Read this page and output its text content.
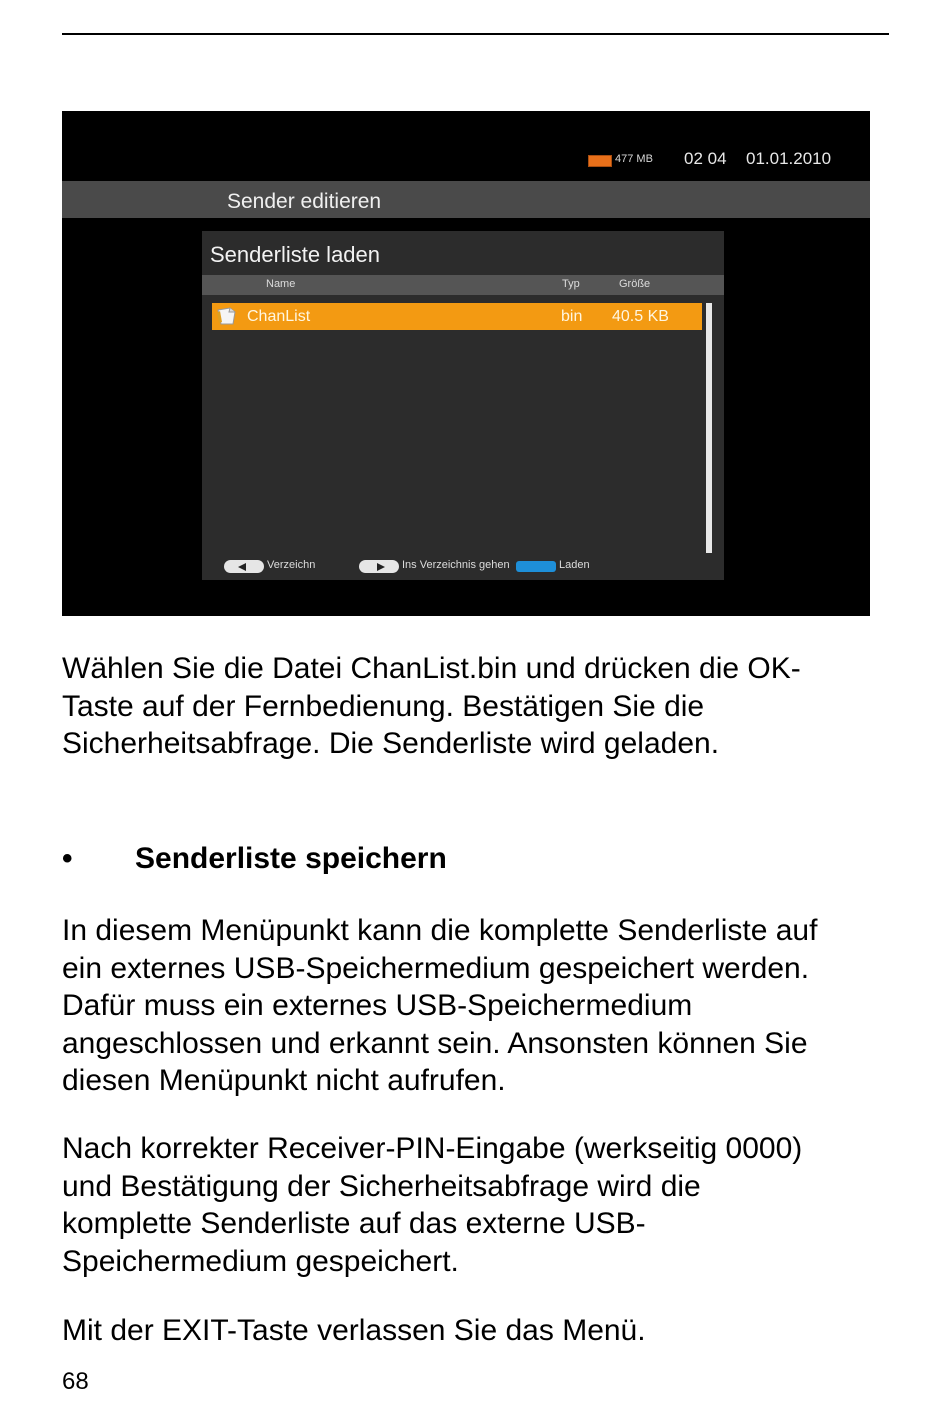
477 MB 02 04 01.01.2010
Sender editieren
Senderliste laden
Name	Typ	Größe
ChanList	bin 40.5 KB
Verzeichn	Ins Verzeichnis gehen	Laden
Wählen Sie die Datei ChanList.bin und drücken die OK-
Taste auf der Fernbedienung. Bestätigen Sie die
Sicherheitsabfrage. Die Senderliste wird geladen.
• Senderliste speichern
In diesem Menüpunkt kann die komplette Senderliste auf
ein externes USB-Speichermedium gespeichert werden.
Dafür muss ein externes USB-Speichermedium
angeschlossen und erkannt sein. Ansonsten können Sie
diesen Menüpunkt nicht aufrufen.
Nach korrekter Receiver-PIN-Eingabe (werkseitig 0000)
und Bestätigung der Sicherheitsabfrage wird die
komplette Senderliste auf das externe USB-
Speichermedium gespeichert.
Mit der EXIT-Taste verlassen Sie das Menü.
68
